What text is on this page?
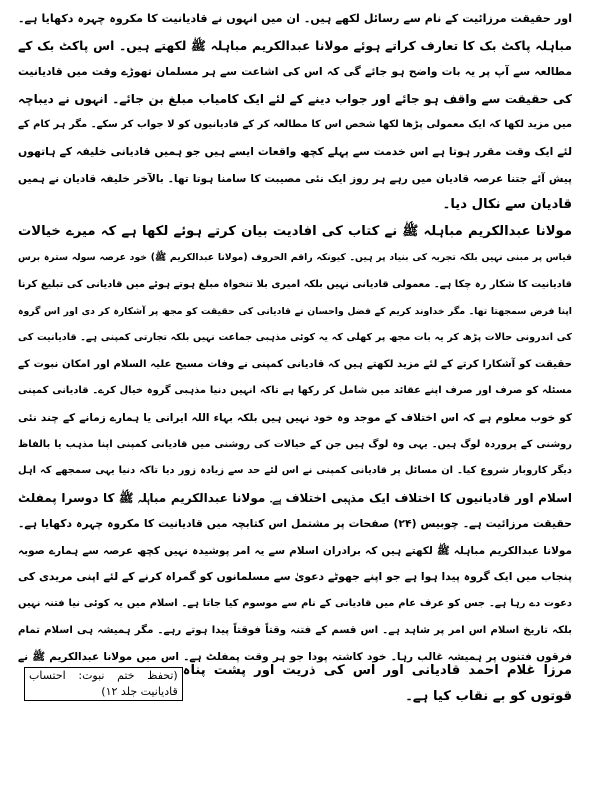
اور حقیقت مرزائیت کے نام سے رسائل لکھے ہیں۔ ان میں انہوں نے قادیانیت کا مکروہ چہرہ دکھایا ہے۔
مباہلہ پاکٹ بک کا تعارف کراتے ہوئے مولانا عبدالکریم مباہلہ ﷺ لکھتے ہیں۔ اس پاکٹ بک کے
مطالعہ سے آپ پر یہ بات واضح ہو جائے گی کہ اس کی اشاعت سے ہر مسلمان تھوڑے وقت میں قادیانیت
کی حقیقت سے واقف ہو جائے اور جواب دینے کے لئے ایک کامیاب مبلغ بن جائے۔ انہوں نے دیباچہ
میں مزید لکھا کہ ایک معمولی پڑھا لکھا شخص اس کا مطالعہ کر کے قادیانیوں کو لا جواب کر سکے۔ مگر ہر کام کے
لئے ایک وقت مقرر ہوتا ہے اس خدمت سے پہلے کچھ واقعات ایسے ہیں جو ہمیں قادیانی خلیفہ کے ہاتھوں
پیش آئے جتنا عرصہ قادیان میں رہے ہر روز ایک نئی مصیبت کا سامنا ہوتا تھا۔ بالآخر خلیفہ قادیان نے ہمیں
قادیان سے نکال دیا۔
مولانا عبدالکریم مباہلہ ﷺ نے کتاب کی افادیت بیان کرتے ہوئے لکھا ہے کہ میرے خیالات
قیاس پر مبنی نہیں بلکہ تجربہ کی بنیاد پر ہیں۔ کیونکہ راقم الحروف (مولانا عبدالکریم ﷺ) خود عرصہ سولہ سترہ برس
قادیانیت کا شکار رہ چکا ہے۔ معمولی قادیانی نہیں بلکہ امیری بلا تنخواہ مبلغ ہوتے ہوئے میں قادیانی کی تبلیغ کرنا
اپنا فرض سمجھتا تھا۔ مگر خداوند کریم کے فضل واحسان نے قادیانی کی حقیقت کو مجھ پر آشکارہ کر دی اور اس گروہ
کی اندرونی حالات پڑھ کر یہ بات مجھ پر کھلی کہ یہ کوئی مذہبی جماعت نہیں بلکہ تجارتی کمپنی ہے۔ قادیانیت کی
حقیقت کو آشکارا کرتے کے لئے مزید لکھتے ہیں کہ قادیانی کمپنی نے وفات مسیح علیہ السلام اور امکان نبوت کے
مسئلہ کو صرف اور صرف اپنے عقائد میں شامل کر رکھا ہے تاکہ انہیں دنیا مذہبی گروہ خیال کرے۔ قادیانی کمپنی
کو خوب معلوم ہے کہ اس اختلاف کے موجد وہ خود نہیں ہیں بلکہ بہاء اللہ ایرانی یا ہمارے زمانے کے چند نئی
روشنی کے پروردہ لوگ ہیں۔ یہی وہ لوگ ہیں جن کے خیالات کی روشنی میں قادیانی کمپنی اپنا مذہب یا بالفاظ
دیگر کاروبار شروع کیا۔ ان مسائل پر قادیانی کمپنی نے اس لئے حد سے زیادہ زور دیا تاکہ دنیا یہی سمجھے کہ اہل
اسلام اور قادیانیوں کا اختلاف ایک مذہبی اختلاف ہے۔ مولانا عبدالکریم مباہلہ ﷺ کا دوسرا پمفلٹ
حقیقت مرزائیت ہے۔ چوبیس (۲۴) صفحات پر مشتمل اس کتابچہ میں قادیانیت کا مکروہ چہرہ دکھایا ہے۔
مولانا عبدالکریم مباہلہ ﷺ لکھتے ہیں کہ برادران اسلام سے یہ امر پوشیدہ نہیں کچھ عرصہ سے ہمارے صوبہ
پنجاب میں ایک گروہ پیدا ہوا ہے جو اپنے جھوٹے دعویٰ سے مسلمانوں کو گمراہ کرنے کے لئے اپنی مریدی کی
دعوت دے رہا ہے۔ جس کو عرف عام میں قادیانی کے نام سے موسوم کیا جاتا ہے۔ اسلام میں یہ کوئی نیا فتنہ نہیں
بلکہ تاریخ اسلام اس امر پر شاہد ہے۔ اس قسم کے فتنہ وقتاً فوقتاً پیدا ہوتے رہے۔ مگر ہمیشہ ہی اسلام تمام
فرقوں فتنوں پر ہمیشہ غالب رہا۔ خود کاشتہ پودا جو ہر وقت پمفلٹ ہے۔ اس میں مولانا عبدالکریم ﷺ نے
مرزا غلام احمد قادیانی اور اس کی ذریت اور پشت پناہ قوتوں کو بے نقاب کیا ہے۔
(تحفظ ختم نبوت: احتساب قادیانیت جلد ۱۲)
